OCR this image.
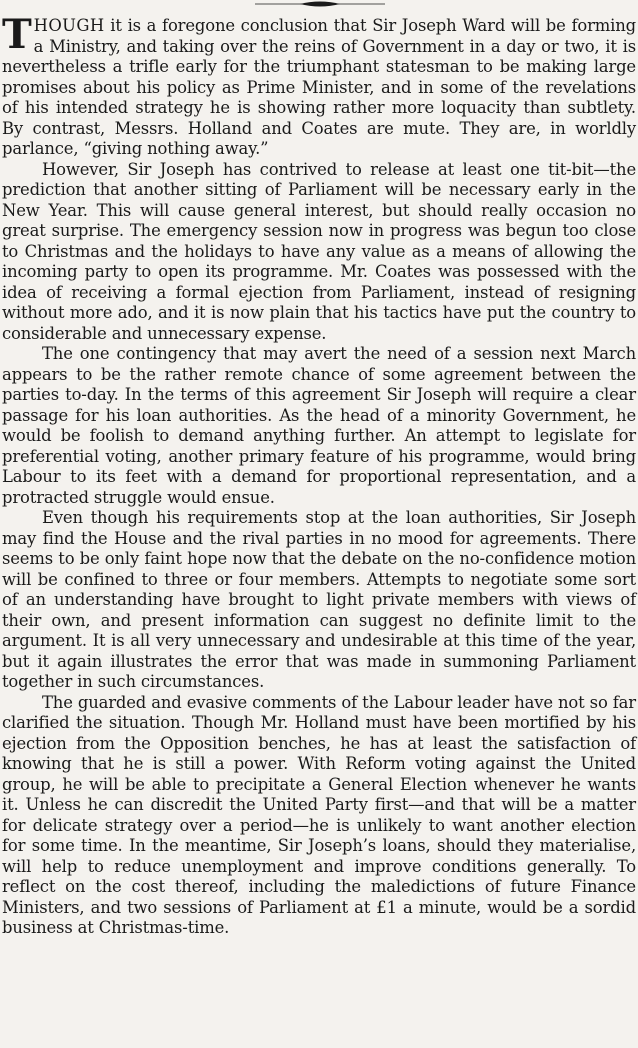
THOUGH it is a foregone conclusion that Sir Joseph Ward will be forming a Ministry, and taking over the reins of Government in a day or two, it is nevertheless a trifle early for the triumphant statesman to be making large promises about his policy as Prime Minister, and in some of the revelations of his intended strategy he is showing rather more loquacity than subtlety. By contrast, Messrs. Holland and Coates are mute. They are, in worldly parlance, “giving nothing away.”

However, Sir Joseph has contrived to release at least one tit-bit—the prediction that another sitting of Parliament will be necessary early in the New Year. This will cause general interest, but should really occasion no great surprise. The emergency session now in progress was begun too close to Christmas and the holidays to have any value as a means of allowing the incoming party to open its programme. Mr. Coates was possessed with the idea of receiving a formal ejection from Parliament, instead of resigning without more ado, and it is now plain that his tactics have put the country to considerable and unnecessary expense.

The one contingency that may avert the need of a session next March appears to be the rather remote chance of some agreement between the parties to-day. In the terms of this agreement Sir Joseph will require a clear passage for his loan authorities. As the head of a minority Government, he would be foolish to demand anything further. An attempt to legislate for preferential voting, another primary feature of his programme, would bring Labour to its feet with a demand for proportional representation, and a protracted struggle would ensue.

Even though his requirements stop at the loan authorities, Sir Joseph may find the House and the rival parties in no mood for agreements. There seems to be only faint hope now that the debate on the no-confidence motion will be confined to three or four members. Attempts to negotiate some sort of an understanding have brought to light private members with views of their own, and present information can suggest no definite limit to the argument. It is all very unnecessary and undesirable at this time of the year, but it again illustrates the error that was made in summoning Parliament together in such circumstances.

The guarded and evasive comments of the Labour leader have not so far clarified the situation. Though Mr. Holland must have been mortified by his ejection from the Opposition benches, he has at least the satisfaction of knowing that he is still a power. With Reform voting against the United group, he will be able to precipitate a General Election whenever he wants it. Unless he can discredit the United Party first—and that will be a matter for delicate strategy over a period—he is unlikely to want another election for some time. In the meantime, Sir Joseph’s loans, should they materialise, will help to reduce unemployment and improve conditions generally. To reflect on the cost thereof, including the maledictions of future Finance Ministers, and two sessions of Parliament at £1 a minute, would be a sordid business at Christmas-time.
